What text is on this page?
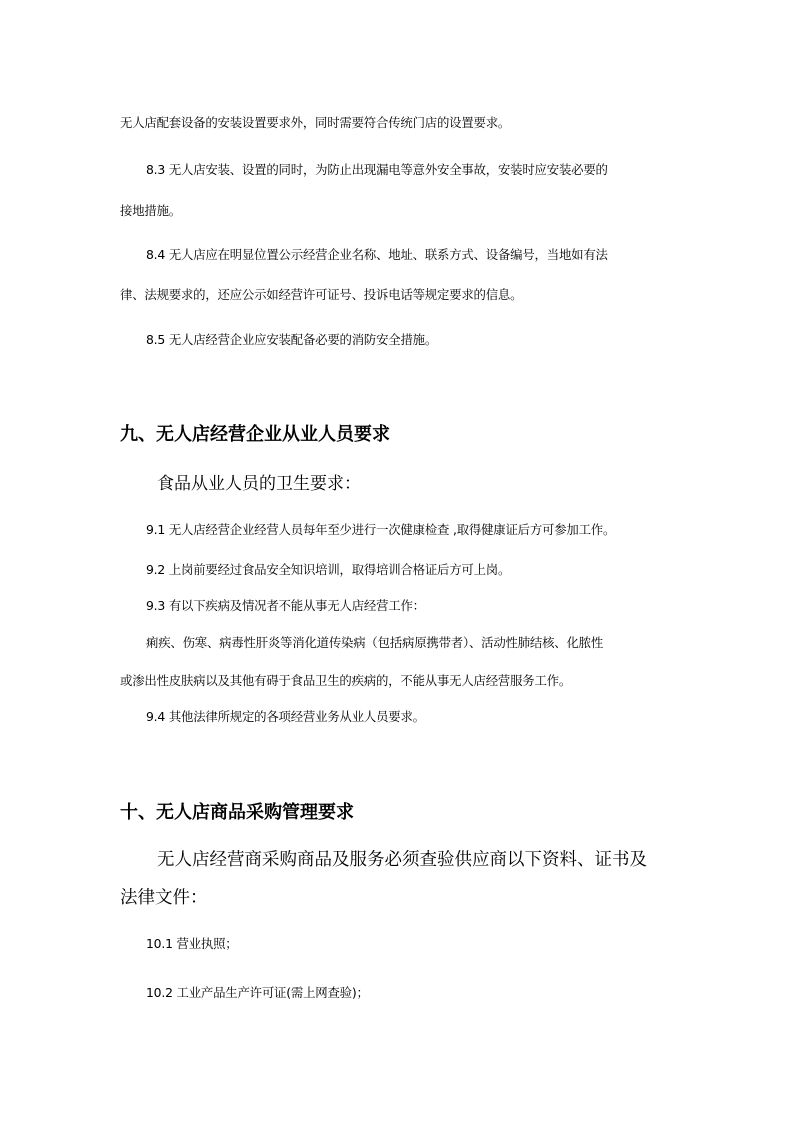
无人店配套设备的安装设置要求外，同时需要符合传统门店的设置要求。
8.3 无人店安装、设置的同时，为防止出现漏电等意外安全事故，安装时应安装必要的
接地措施。
8.4 无人店应在明显位置公示经营企业名称、地址、联系方式、设备编号，当地如有法
律、法规要求的，还应公示如经营许可证号、投诉电话等规定要求的信息。
8.5 无人店经营企业应安装配备必要的消防安全措施。
九、无人店经营企业从业人员要求
食品从业人员的卫生要求：
9.1 无人店经营企业经营人员每年至少进行一次健康检查 ,取得健康证后方可参加工作。
9.2 上岗前要经过食品安全知识培训，取得培训合格证后方可上岗。
9.3 有以下疾病及情况者不能从事无人店经营工作：
痢疾、伤寒、病毒性肝炎等消化道传染病（包括病原携带者）、活动性肺结核、化脓性
或渗出性皮肤病以及其他有碍于食品卫生的疾病的，不能从事无人店经营服务工作。
9.4 其他法律所规定的各项经营业务从业人员要求。
十、无人店商品采购管理要求
无人店经营商采购商品及服务必须查验供应商以下资料、证书及
法律文件：
10.1 营业执照；
10.2 工业产品生产许可证(需上网查验)；
